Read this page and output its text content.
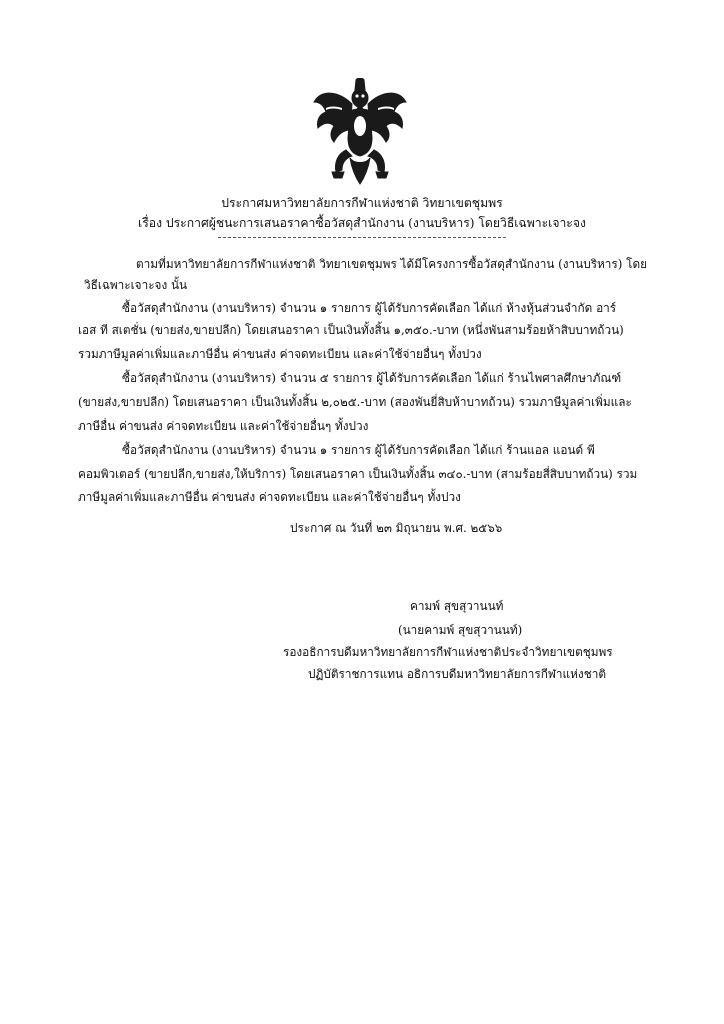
ประกาศมหาวิทยาลัยการกีฬาแห่งชาติ วิทยาเขตชุมพร
เรื่อง ประกาศผู้ชนะการเสนอราคาซื้อวัสดุสำนักงาน (งานบริหาร) โดยวิธีเฉพาะเจาะจง
ตามที่มหาวิทยาลัยการกีฬาแห่งชาติ วิทยาเขตชุมพร ได้มีโครงการซื้อวัสดุสำนักงาน (งานบริหาร) โดย
วิธีเฉพาะเจาะจง นั้น
ซื้อวัสดุสำนักงาน (งานบริหาร) จำนวน ๑ รายการ ผู้ได้รับการคัดเลือก ได้แก่ ห้างหุ้นส่วนจำกัด อาร์
เอส ที สเตชั่น (ขายส่ง,ขายปลีก) โดยเสนอราคา เป็นเงินทั้งสิ้น ๑,๓๕๐.-บาท (หนึ่งพันสามร้อยห้าสิบบาทถ้วน)
รวมภาษีมูลค่าเพิ่มและภาษีอื่น ค่าขนส่ง ค่าจดทะเบียน และค่าใช้จ่ายอื่นๆ ทั้งปวง
ซื้อวัสดุสำนักงาน (งานบริหาร) จำนวน ๕ รายการ ผู้ได้รับการคัดเลือก ได้แก่ ร้านไพศาลศึกษาภัณฑ์
(ขายส่ง,ขายปลีก) โดยเสนอราคา เป็นเงินทั้งสิ้น ๒,๐๒๕.-บาท (สองพันยี่สิบห้าบาทถ้วน) รวมภาษีมูลค่าเพิ่มและ
ภาษีอื่น ค่าขนส่ง ค่าจดทะเบียน และค่าใช้จ่ายอื่นๆ ทั้งปวง
ซื้อวัสดุสำนักงาน (งานบริหาร) จำนวน ๑ รายการ ผู้ได้รับการคัดเลือก ได้แก่ ร้านแอล แอนด์ พี
คอมพิวเตอร์ (ขายปลีก,ขายส่ง,ให้บริการ) โดยเสนอราคา เป็นเงินทั้งสิ้น ๓๔๐.-บาท (สามร้อยสี่สิบบาทถ้วน) รวม
ภาษีมูลค่าเพิ่มและภาษีอื่น ค่าขนส่ง ค่าจดทะเบียน และค่าใช้จ่ายอื่นๆ ทั้งปวง
ประกาศ ณ วันที่ ๒๓ มิถุนายน พ.ศ. ๒๕๖๖
คามพ์ สุขสุวานนท์
(นายคามพ์ สุขสุวานนท์)
รองอธิการบดีมหาวิทยาลัยการกีฬาแห่งชาติประจำวิทยาเขตชุมพร
ปฏิบัติราชการแทน อธิการบดีมหาวิทยาลัยการกีฬาแห่งชาติ
